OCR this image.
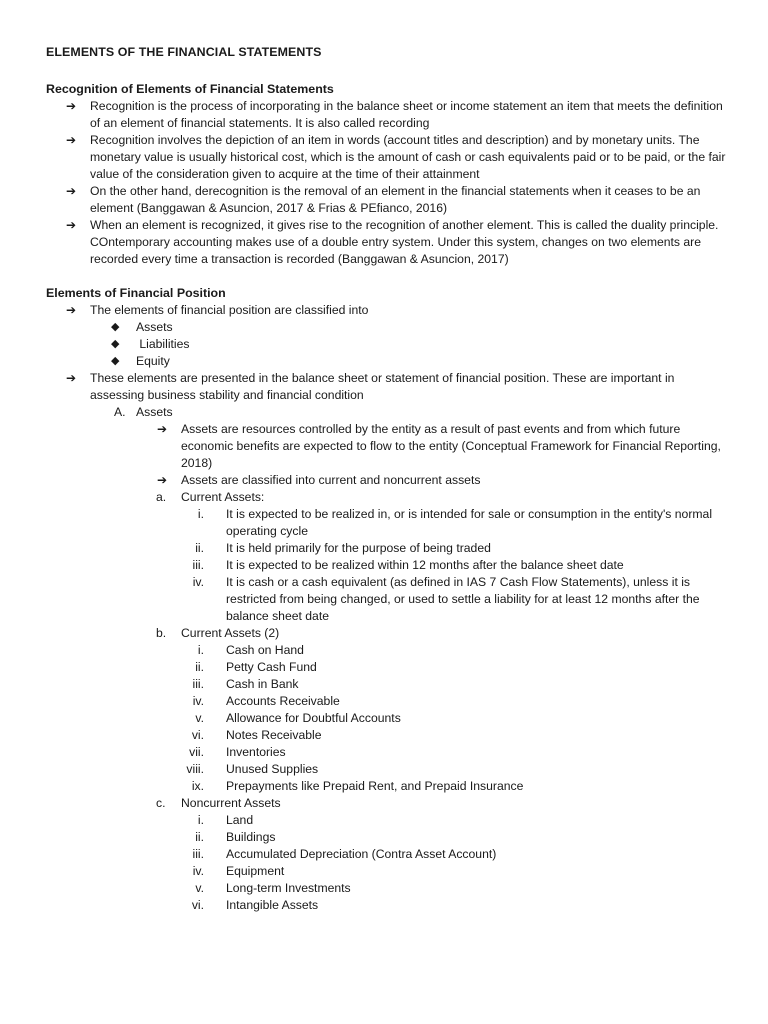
ELEMENTS OF THE FINANCIAL STATEMENTS
Recognition of Elements of Financial Statements
➔ Recognition is the process of incorporating in the balance sheet or income statement an item that meets the definition of an element of financial statements. It is also called recording
➔ Recognition involves the depiction of an item in words (account titles and description) and by monetary units. The monetary value is usually historical cost, which is the amount of cash or cash equivalents paid or to be paid, or the fair value of the consideration given to acquire at the time of their attainment
➔ On the other hand, derecognition is the removal of an element in the financial statements when it ceases to be an element (Banggawan & Asuncion, 2017 & Frias & PEfianco, 2016)
➔ When an element is recognized, it gives rise to the recognition of another element. This is called the duality principle. COntemporary accounting makes use of a double entry system. Under this system, changes on two elements are recorded every time a transaction is recorded (Banggawan & Asuncion, 2017)
Elements of Financial Position
➔ The elements of financial position are classified into
◆ Assets
◆ Liabilities
◆ Equity
➔ These elements are presented in the balance sheet or statement of financial position. These are important in assessing business stability and financial condition
A. Assets
➔ Assets are resources controlled by the entity as a result of past events and from which future economic benefits are expected to flow to the entity (Conceptual Framework for Financial Reporting, 2018)
➔ Assets are classified into current and noncurrent assets
a.	Current Assets:
i. It is expected to be realized in, or is intended for sale or consumption in the entity's normal operating cycle
ii. It is held primarily for the purpose of being traded
iii. It is expected to be realized within 12 months after the balance sheet date
iv. It is cash or a cash equivalent (as defined in IAS 7 Cash Flow Statements), unless it is restricted from being changed, or used to settle a liability for at least 12 months after the balance sheet date
b.	Current Assets (2)
i. Cash on Hand
ii. Petty Cash Fund
iii. Cash in Bank
iv. Accounts Receivable
v. Allowance for Doubtful Accounts
vi. Notes Receivable
vii. Inventories
viii. Unused Supplies
ix. Prepayments like Prepaid Rent, and Prepaid Insurance
c.	Noncurrent Assets
i. Land
ii. Buildings
iii. Accumulated Depreciation (Contra Asset Account)
iv. Equipment
v. Long-term Investments
vi. Intangible Assets
